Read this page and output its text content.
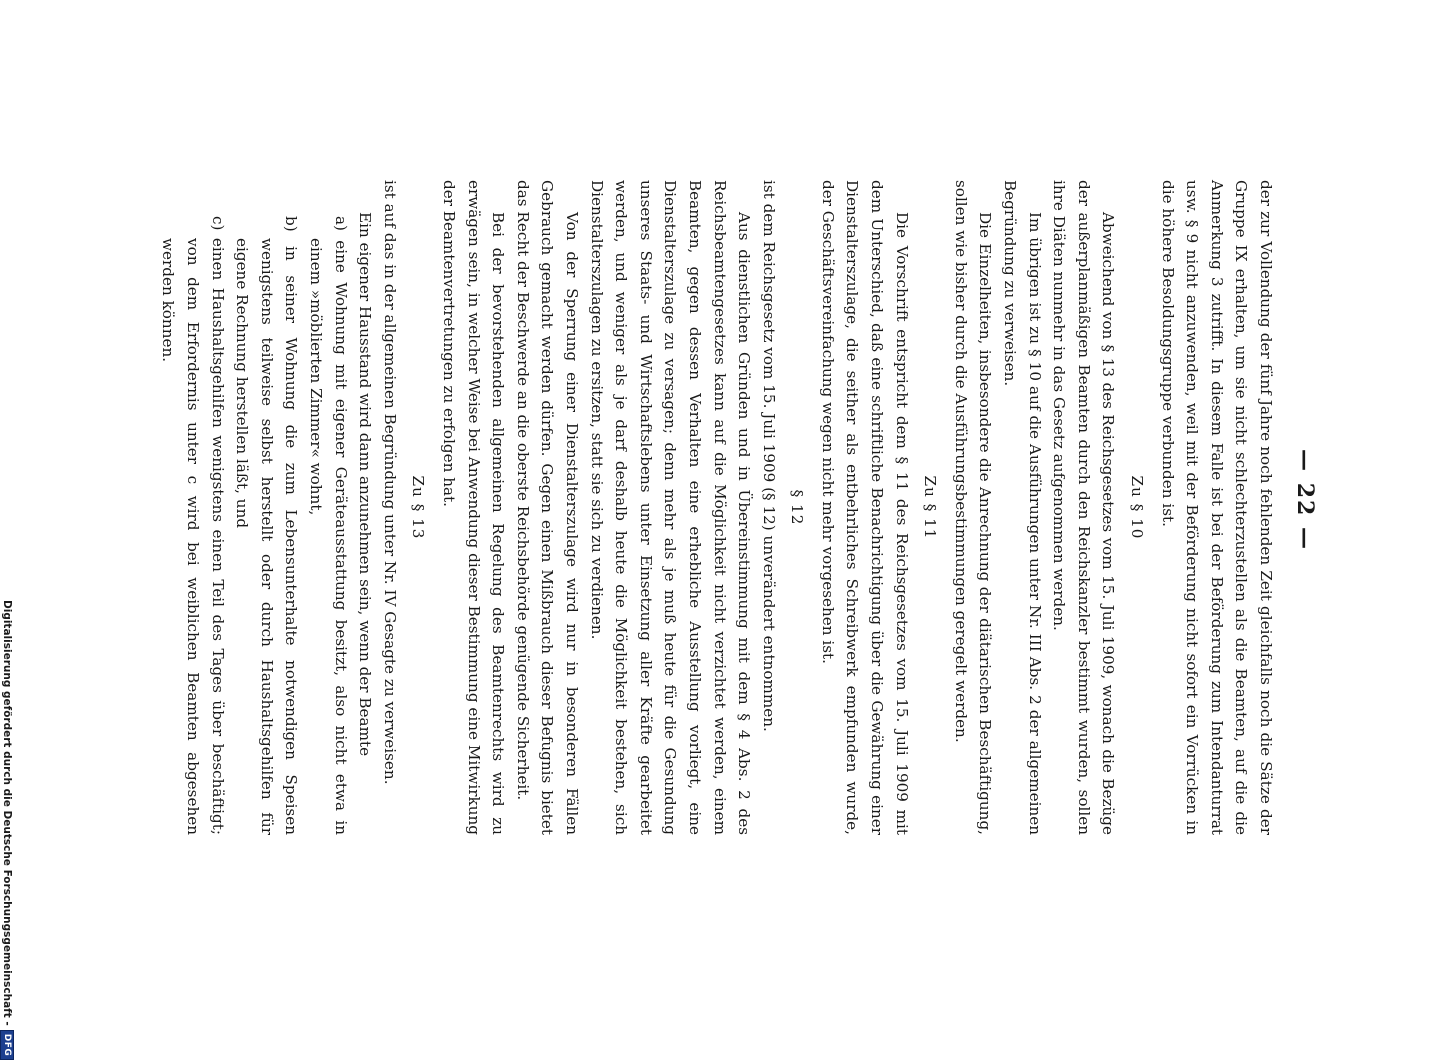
— 22 —

der zur Vollendung der fünf Jahre noch fehlenden Zeit gleichfalls noch die Sätze der Gruppe IX erhalten, um sie nicht schlechterzustellen als die Beamten, auf die die Anmerkung 3 zutrifft. In diesem Falle ist bei der Beförderung zum Intendanturrat usw. § 9 nicht anzuwenden, weil mit der Beförderung nicht sofort ein Vorrücken in die höhere Besoldungsgruppe verbunden ist.

Zu § 10

Abweichend von § 13 des Reichsgesetzes vom 15. Juli 1909, wonach die Bezüge der außerplanmäßigen Beamten durch den Reichskanzler bestimmt wurden, sollen ihre Diäten nunmehr in das Gesetz aufgenommen werden.

Im übrigen ist zu § 10 auf die Ausführungen unter Nr. III Abs. 2 der allgemeinen Begründung zu verweisen.

Die Einzelheiten, insbesondere die Anrechnung der diätarischen Beschäftigung, sollen wie bisher durch die Ausführungsbestimmungen geregelt werden.

Zu § 11

Die Vorschrift entspricht dem § 11 des Reichsgesetzes vom 15. Juli 1909 mit dem Unterschied, daß eine schriftliche Benachrichtigung über die Gewährung einer Dienstalterszulage, die seither als entbehrliches Schreibwerk empfunden wurde, der Geschäftsvereinfachung wegen nicht mehr vorgesehen ist.

§ 12

ist dem Reichsgesetz vom 15. Juli 1909 (§ 12) unverändert entnommen.

Aus dienstlichen Gründen und in Übereinstimmung mit dem § 4 Abs. 2 des Reichsbeamtengesetzes kann auf die Möglichkeit nicht verzichtet werden, einem Beamten, gegen dessen Verhalten eine erhebliche Ausstellung vorliegt, eine Dienstalterszulage zu versagen; denn mehr als je muß heute für die Gesundung unseres Staats- und Wirtschaftslebens unter Einsetzung aller Kräfte gearbeitet werden, und weniger als je darf deshalb heute die Möglichkeit bestehen, sich Dienstalterszulagen zu ersitzen, statt sie sich zu verdienen.

Von der Sperrung einer Dienstalterszulage wird nur in besonderen Fällen Gebrauch gemacht werden dürfen. Gegen einen Mißbrauch dieser Befugnis bietet das Recht der Beschwerde an die oberste Reichsbehörde genügende Sicherheit.

Bei der bevorstehenden allgemeinen Regelung des Beamtenrechts wird zu erwägen sein, in welcher Weise bei Anwendung dieser Bestimmung eine Mitwirkung der Beamtenvertretungen zu erfolgen hat.

Zu § 13

ist auf das in der allgemeinen Begründung unter Nr. IV Gesagte zu verweisen.

Ein eigener Hausstand wird dann anzunehmen sein, wenn der Beamte

a) eine Wohnung mit eigener Geräteausstattung besitzt, also nicht etwa in einem »möblierten Zimmer« wohnt,
b) in seiner Wohnung die zum Lebensunterhalte notwendigen Speisen wenigstens teilweise selbst herstellt oder durch Haushaltsgehilfen für eigene Rechnung herstellen läßt, und
c) einen Haushaltsgehilfen wenigstens einen Teil des Tages über beschäftigt; von dem Erfordernis unter c wird bei weiblichen Beamten abgesehen werden können.
Digitalisierung gefördert durch die Deutsche Forschungsgemeinschaft -
DFG
